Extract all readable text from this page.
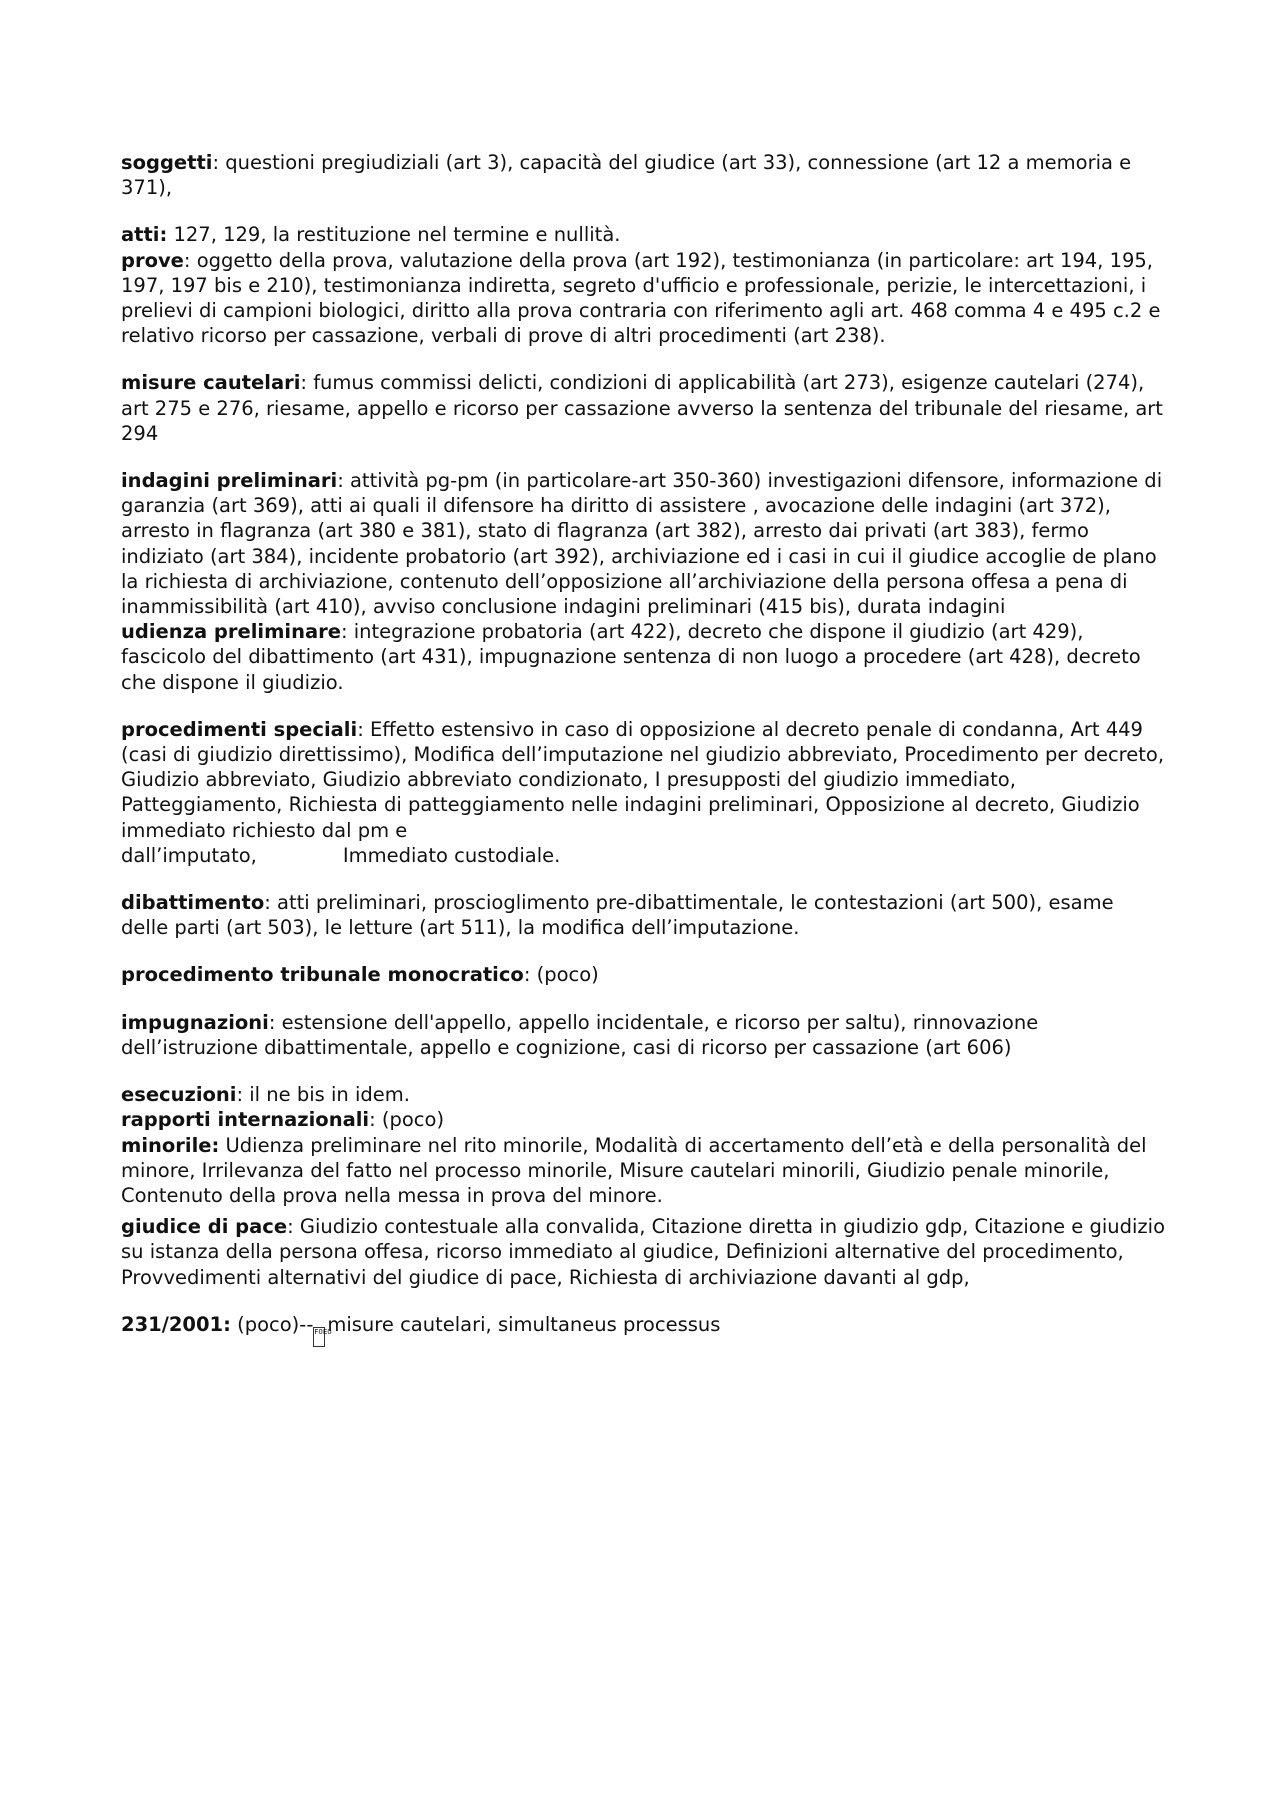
soggetti: questioni pregiudiziali (art 3), capacità del giudice (art 33), connessione (art 12 a memoria e 371),

atti: 127, 129, la restituzione nel termine e nullità.

prove: oggetto della prova, valutazione della prova (art 192), testimonianza (in particolare: art 194, 195, 197, 197 bis e 210), testimonianza indiretta, segreto d'ufficio e professionale, perizie, le intercettazioni, i prelievi di campioni biologici, diritto alla prova contraria con riferimento agli art. 468 comma 4 e 495 c.2 e relativo ricorso per cassazione, verbali di prove di altri procedimenti (art 238).

misure cautelari: fumus commissi delicti, condizioni di applicabilità (art 273), esigenze cautelari (274), art 275 e 276, riesame, appello e ricorso per cassazione avverso la sentenza del tribunale del riesame, art 294

indagini preliminari: attività pg-pm (in particolare-art 350-360) investigazioni difensore, informazione di garanzia (art 369), atti ai quali il difensore ha diritto di assistere , avocazione delle indagini (art 372), arresto in flagranza (art 380 e 381), stato di flagranza (art 382), arresto dai privati (art 383), fermo indiziato (art 384), incidente probatorio (art 392), archiviazione ed i casi in cui il giudice accoglie de plano la richiesta di archiviazione, contenuto dell’opposizione all’archiviazione della persona offesa a pena di inammissibilità (art 410), avviso conclusione indagini preliminari (415 bis), durata indagini

udienza preliminare: integrazione probatoria (art 422), decreto che dispone il giudizio (art 429), fascicolo del dibattimento (art 431), impugnazione sentenza di non luogo a procedere (art 428), decreto che dispone il giudizio.

procedimenti speciali: Effetto estensivo in caso di opposizione al decreto penale di condanna, Art 449 (casi di giudizio direttissimo), Modifica dell’imputazione nel giudizio abbreviato, Procedimento per decreto, Giudizio abbreviato, Giudizio abbreviato condizionato, I presupposti del giudizio immediato, Patteggiamento, Richiesta di patteggiamento nelle indagini preliminari, Opposizione al decreto, Giudizio immediato richiesto dal pm e
dall’imputato,	Immediato custodiale.

dibattimento: atti preliminari, proscioglimento pre-dibattimentale, le contestazioni (art 500), esame delle parti (art 503), le letture (art 511), la modifica dell’imputazione.

procedimento tribunale monocratico: (poco)

impugnazioni: estensione dell'appello, appello incidentale, e ricorso per saltu), rinnovazione dell’istruzione dibattimentale, appello e cognizione, casi di ricorso per cassazione (art 606)

esecuzioni: il ne bis in idem.

rapporti internazionali: (poco)

minorile: Udienza preliminare nel rito minorile, Modalità di accertamento dell’età e della personalità del minore, Irrilevanza del fatto nel processo minorile, Misure cautelari minorili, Giudizio penale minorile, Contenuto della prova nella messa in prova del minore.

giudice di pace: Giudizio contestuale alla convalida, Citazione diretta in giudizio gdp, Citazione e giudizio su istanza della persona offesa, ricorso immediato al giudice, Definizioni alternative del procedimento, Provvedimenti alternativi del giudice di pace, Richiesta di archiviazione davanti al gdp,

231/2001: (poco)--F0E0misure cautelari, simultaneus processus
